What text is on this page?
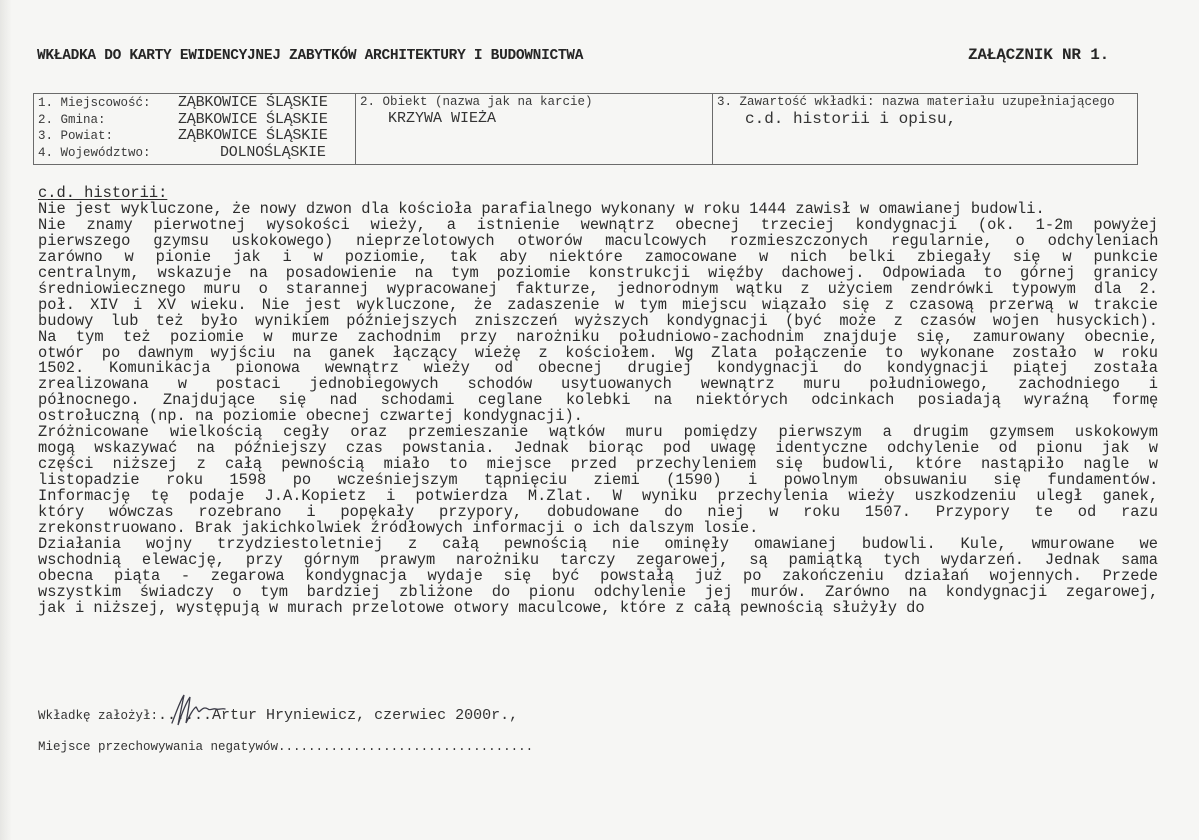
WKŁADKA DO KARTY EWIDENCYJNEJ ZABYTKÓW ARCHITEKTURY I BUDOWNICTWA	ZAŁĄCZNIK NR 1.
1. Miejscowość:	ZĄBKOWICE ŚLĄSKIE
2. Gmina:	ZĄBKOWICE ŚLĄSKIE
3. Powiat:	ZĄBKOWICE ŚLĄSKIE
4. Województwo:	DOLNOŚLĄSKIE
2. Obiekt (nazwa jak na karcie)
KRZYWA WIEŻA
3. Zawartość wkładki: nazwa materiału uzupełniającego
c.d. historii i opisu,
c.d. historii:
Nie jest wykluczone, że nowy dzwon dla kościoła parafialnego wykonany w roku 1444 zawisł w omawianej budowli.
Nie znamy pierwotnej wysokości wieży, a istnienie wewnątrz obecnej trzeciej kondygnacji (ok. 1-2m powyżej
pierwszego gzymsu uskokowego) nieprzelotowych otworów maculcowych rozmieszczonych regularnie, o odchyleniach
zarówno w pionie jak i w poziomie, tak aby niektóre zamocowane w nich belki zbiegały się w punkcie
centralnym, wskazuje na posadowienie na tym poziomie konstrukcji więźby dachowej. Odpowiada to górnej granicy
średniowiecznego muru o starannej wypracowanej fakturze, jednorodnym wątku z użyciem zendrówki typowym dla 2.
poł. XIV i XV wieku. Nie jest wykluczone, że zadaszenie w tym miejscu wiązało się z czasową przerwą w trakcie
budowy lub też było wynikiem późniejszych zniszczeń wyższych kondygnacji (być może z czasów wojen husyckich).
Na tym też poziomie w murze zachodnim przy narożniku południowo-zachodnim znajduje się, zamurowany obecnie,
otwór po dawnym wyjściu na ganek łączący wieżę z kościołem. Wg Zlata połączenie to wykonane zostało w roku
1502. Komunikacja pionowa wewnątrz wieży od obecnej drugiej kondygnacji do kondygnacji piątej została
zrealizowana w postaci jednobiegowych schodów usytuowanych wewnątrz muru południowego, zachodniego i
północnego. Znajdujące się nad schodami ceglane kolebki na niektórych odcinkach posiadają wyraźną formę
ostrołuczną (np. na poziomie obecnej czwartej kondygnacji).
Zróżnicowane wielkością cegły oraz przemieszanie wątków muru pomiędzy pierwszym a drugim gzymsem uskokowym
mogą wskazywać na późniejszy czas powstania. Jednak biorąc pod uwagę identyczne odchylenie od pionu jak w
części niższej z całą pewnością miało to miejsce przed przechyleniem się budowli, które nastąpiło nagle w
listopadzie roku 1598 po wcześniejszym tąpnięciu ziemi (1590) i powolnym obsuwaniu się fundamentów.
Informację tę podaje J.A.Kopietz i potwierdza M.Zlat. W wyniku przechylenia wieży uszkodzeniu uległ ganek,
który wówczas rozebrano i popękały przypory, dobudowane do niej w roku 1507. Przypory te od razu
zrekonstruowano. Brak jakichkolwiek źródłowych informacji o ich dalszym losie.
Działania wojny trzydziestoletniej z całą pewnością nie ominęły omawianej budowli. Kule, wmurowane we
wschodnią elewację, przy górnym prawym narożniku tarczy zegarowej, są pamiątką tych wydarzeń. Jednak sama
obecna piąta - zegarowa kondygnacja wydaje się być powstałą już po zakończeniu działań wojennych. Przede
wszystkim świadczy o tym bardziej zbliżone do pionu odchylenie jej murów. Zarówno na kondygnacji zegarowej,
jak i niższej, występują w murach przelotowe otwory maculcowe, które z całą pewnością służyły do
Wkładkę założył:......Artur Hryniewicz, czerwiec 2000r.,
Miejsce przechowywania negatywów..................................
